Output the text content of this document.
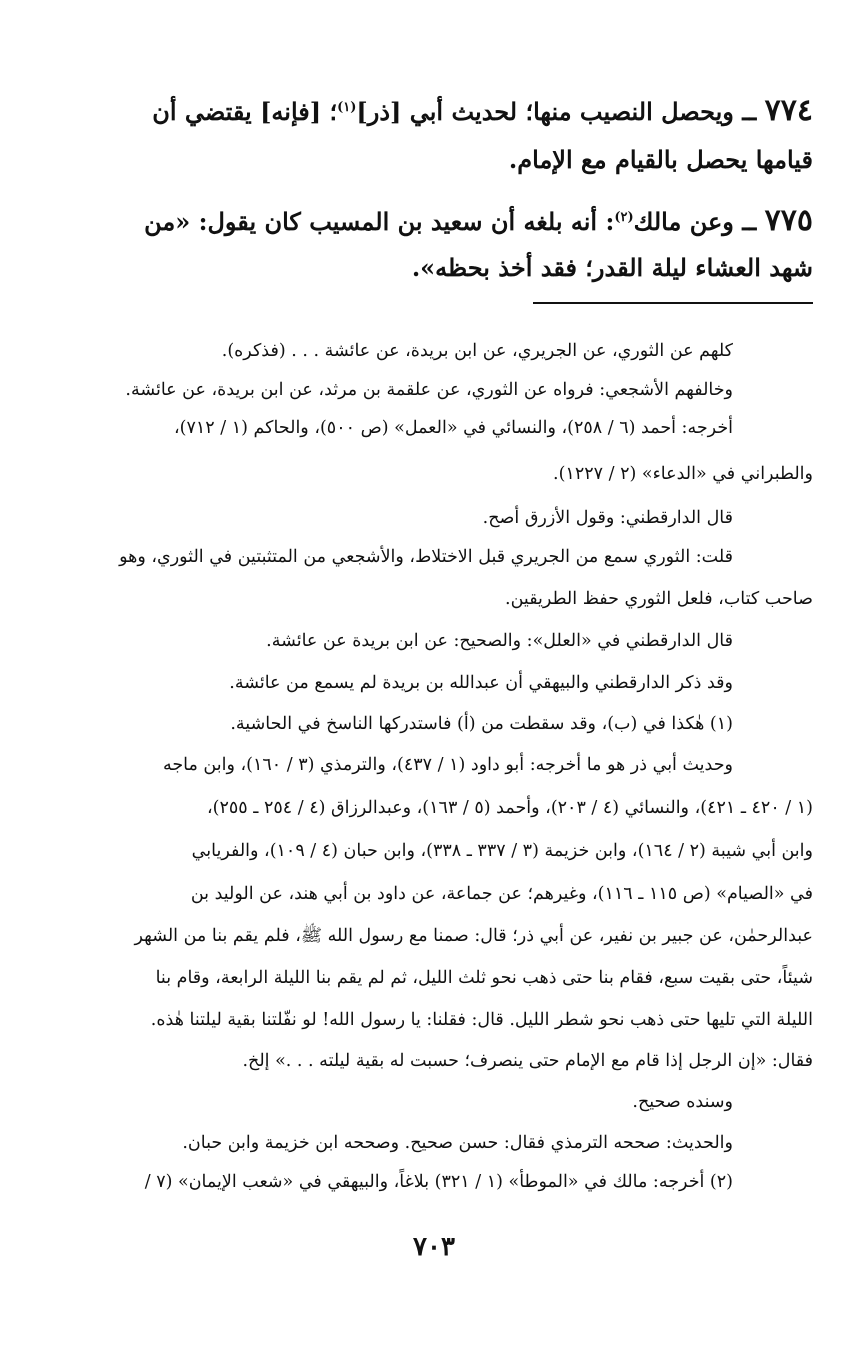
٧٧٤ ــ ويحصل النصيب منها؛ لحديث أبي [ذر]$^{(١)}$؛ [فإنه] يقتضي أن
قيامها يحصل بالقيام مع الإمام.
٧٧٥ ــ وعن مالك$^{(٢)}$: أنه بلغه أن سعيد بن المسيب كان يقول: «من
شهد العشاء ليلة القدر؛ فقد أخذ بحظه».
كلهم عن الثوري، عن الجريري، عن ابن بريدة، عن عائشة . . . (فذكره).
وخالفهم الأشجعي: فرواه عن الثوري، عن علقمة بن مرثد، عن ابن بريدة، عن عائشة.
أخرجه: أحمد (٦ / ٢٥٨)، والنسائي في «العمل» (ص ٥٠٠)، والحاكم (١ / ٧١٢)،
والطبراني في «الدعاء» (٢ / ١٢٢٧).
قال الدارقطني: وقول الأزرق أصح.
قلت: الثوري سمع من الجريري قبل الاختلاط، والأشجعي من المتثبتين في الثوري، وهو
صاحب كتاب، فلعل الثوري حفظ الطريقين.
قال الدارقطني في «العلل»: والصحيح: عن ابن بريدة عن عائشة.
وقد ذكر الدارقطني والبيهقي أن عبدالله بن بريدة لم يسمع من عائشة.
(١) هٰكذا في (ب)، وقد سقطت من (أ) فاستدركها الناسخ في الحاشية.
وحديث أبي ذر هو ما أخرجه: أبو داود (١ / ٤٣٧)، والترمذي (٣ / ١٦٠)، وابن ماجه
(١ / ٤٢٠ ـ ٤٢١)، والنسائي (٤ / ٢٠٣)، وأحمد (٥ / ١٦٣)، وعبدالرزاق (٤ / ٢٥٤ ـ ٢٥٥)،
وابن أبي شيبة (٢ / ١٦٤)، وابن خزيمة (٣ / ٣٣٧ ـ ٣٣٨)، وابن حبان (٤ / ١٠٩)، والفريابي
في «الصيام» (ص ١١٥ ـ ١١٦)، وغيرهم؛ عن جماعة، عن داود بن أبي هند، عن الوليد بن
عبدالرحمٰن، عن جبير بن نفير، عن أبي ذر؛ قال: صمنا مع رسول الله ﷺ، فلم يقم بنا من الشهر
شيئاً، حتى بقيت سبع، فقام بنا حتى ذهب نحو ثلث الليل، ثم لم يقم بنا الليلة الرابعة، وقام بنا
الليلة التي تليها حتى ذهب نحو شطر الليل. قال: فقلنا: يا رسول الله! لو نفّلتنا بقية ليلتنا هٰذه.
فقال: «إن الرجل إذا قام مع الإمام حتى ينصرف؛ حسبت له بقية ليلته . . .» إلخ.
وسنده صحيح.
والحديث: صححه الترمذي فقال: حسن صحيح. وصححه ابن خزيمة وابن حبان.
(٢) أخرجه: مالك في «الموطأ» (١ / ٣٢١) بلاغاً، والبيهقي في «شعب الإيمان» (٧ /
٧٠٣
